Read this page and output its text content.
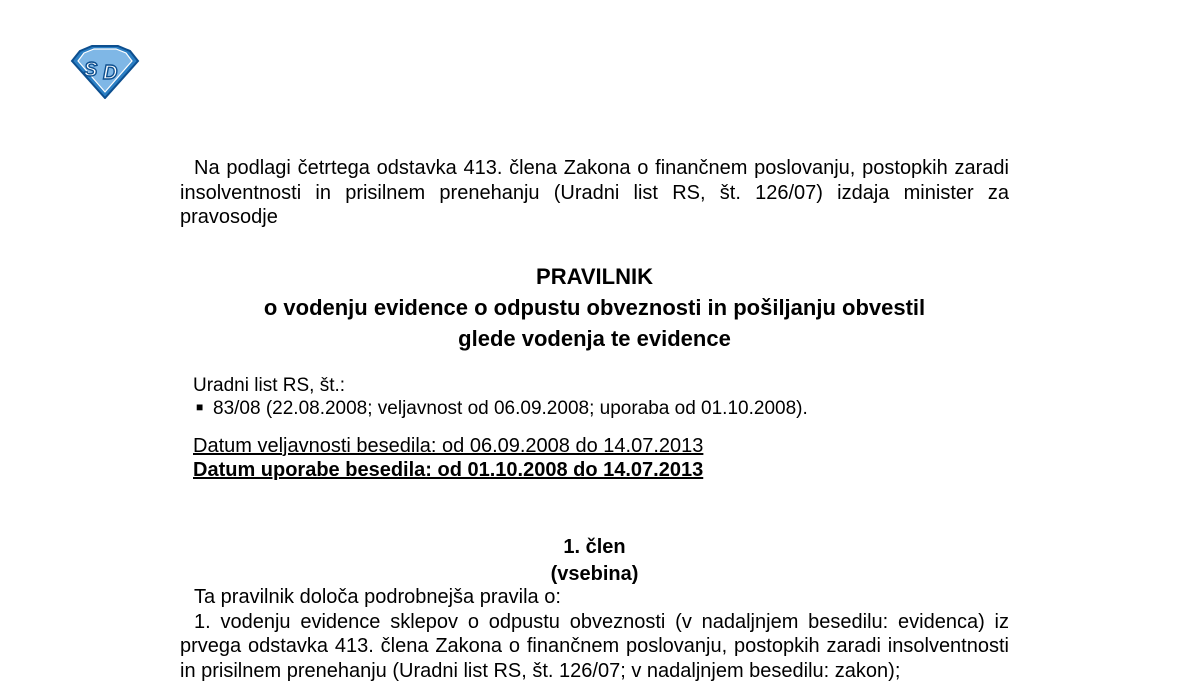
S D
Na podlagi četrtega odstavka 413. člena Zakona o finančnem poslovanju, postopkih zaradi insolventnosti in prisilnem prenehanju (Uradni list RS, št. 126/07) izdaja minister za pravosodje
PRAVILNIK
o vodenju evidence o odpustu obveznosti in pošiljanju obvestil
glede vodenja te evidence
Uradni list RS, št.:
■ 83/08 (22.08.2008; veljavnost od 06.09.2008; uporaba od 01.10.2008).
Datum veljavnosti besedila: od 06.09.2008 do 14.07.2013
Datum uporabe besedila: od 01.10.2008 do 14.07.2013
1. člen
(vsebina)
Ta pravilnik določa podrobnejša pravila o:
1. vodenju evidence sklepov o odpustu obveznosti (v nadaljnjem besedilu: evidenca) iz prvega odstavka 413. člena Zakona o finančnem poslovanju, postopkih zaradi insolventnosti in prisilnem prenehanju (Uradni list RS, št. 126/07; v nadaljnjem besedilu: zakon);
